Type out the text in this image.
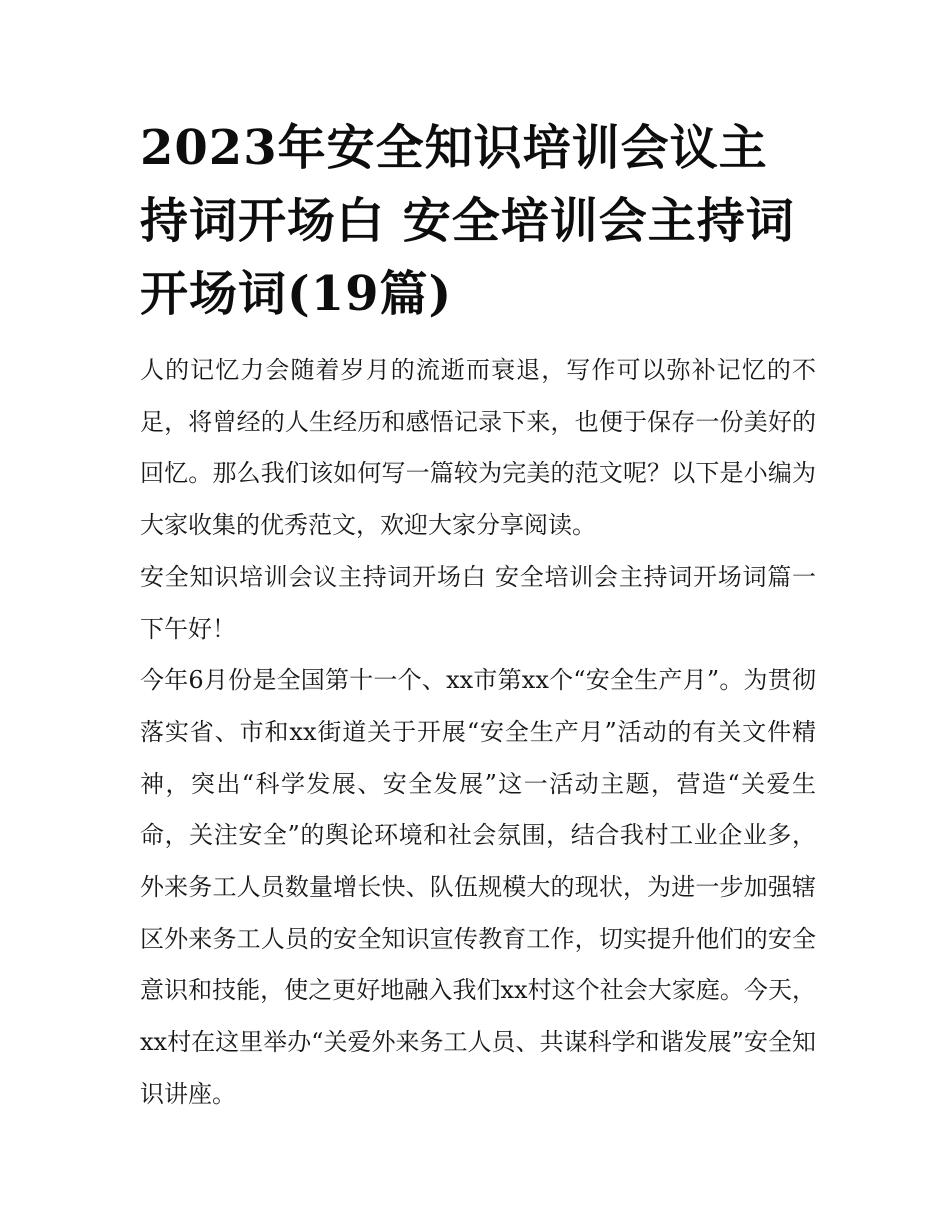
2023年安全知识培训会议主持词开场白 安全培训会主持词开场词(19篇)

人的记忆力会随着岁月的流逝而衰退，写作可以弥补记忆的不足，将曾经的人生经历和感悟记录下来，也便于保存一份美好的回忆。那么我们该如何写一篇较为完美的范文呢？以下是小编为大家收集的优秀范文，欢迎大家分享阅读。

安全知识培训会议主持词开场白 安全培训会主持词开场词篇一 下午好！

今年6月份是全国第十一个、xx市第xx个“安全生产月”。为贯彻落实省、市和xx街道关于开展“安全生产月”活动的有关文件精神，突出“科学发展、安全发展”这一活动主题，营造“关爱生命，关注安全”的舆论环境和社会氛围，结合我村工业企业多，外来务工人员数量增长快、队伍规模大的现状，为进一步加强辖区外来务工人员的安全知识宣传教育工作，切实提升他们的安全意识和技能，使之更好地融入我们xx村这个社会大家庭。今天，xx村在这里举办“关爱外来务工人员、共谋科学和谐发展”安全知识讲座。
